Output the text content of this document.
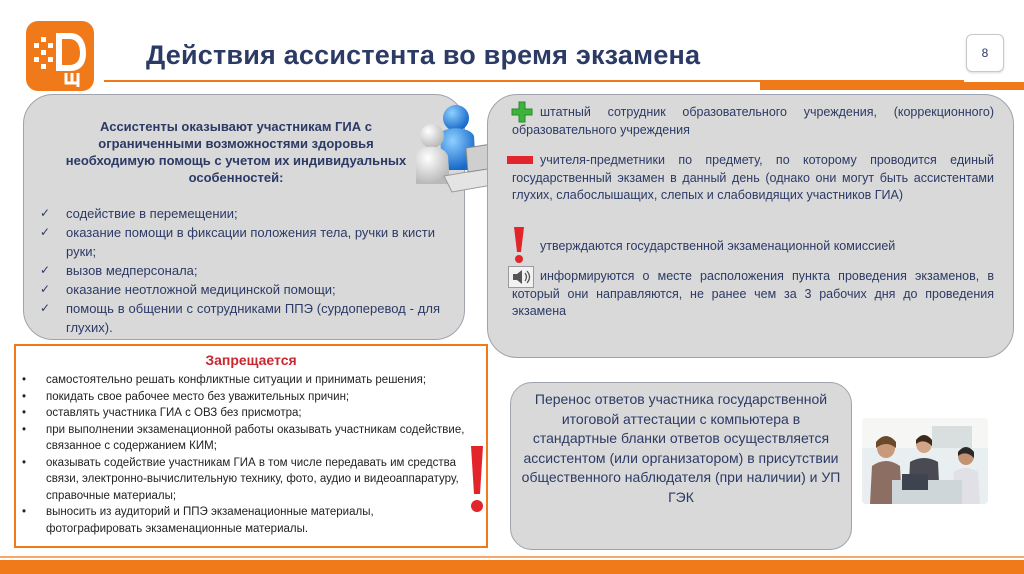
Действия ассистента во время экзамена	8
Ассистенты оказывают участникам ГИА с ограниченными возможностями здоровья необходимую помощь с учетом их индивидуальных особенностей:
✓ содействие в перемещении;
✓ оказание помощи в фиксации положения тела, ручки в кисти руки;
✓ вызов медперсонала;
✓ оказание неотложной медицинской помощи;
✓ помощь в общении с сотрудниками ППЭ (сурдоперевод - для глухих).
Запрещается
• самостоятельно решать конфликтные ситуации и принимать решения;
• покидать свое рабочее место без уважительных причин;
• оставлять участника ГИА с ОВЗ без присмотра;
• при выполнении экзаменационной работы оказывать участникам содействие, связанное с содержанием КИМ;
• оказывать содействие участникам ГИА в том числе передавать им средства связи, электронно-вычислительную технику, фото, аудио и видеоаппаратуру, справочные материалы;
• выносить из аудиторий и ППЭ экзаменационные материалы, фотографировать экзаменационные материалы.
штатный сотрудник образовательного учреждения, (коррекционного) образовательного учреждения
учителя-предметники по предмету, по которому проводится единый государственный экзамен в данный день (однако они могут быть ассистентами глухих, слабослышащих, слепых и слабовидящих участников ГИА)
утверждаются государственной экзаменационной комиссией
информируются о месте расположения пункта проведения экзаменов, в который они направляются, не ранее чем за 3 рабочих дня до проведения экзамена
Перенос ответов участника государственной итоговой аттестации с компьютера в стандартные бланки ответов осуществляется ассистентом (или организатором) в присутствии общественного наблюдателя (при наличии) и УП ГЭК
